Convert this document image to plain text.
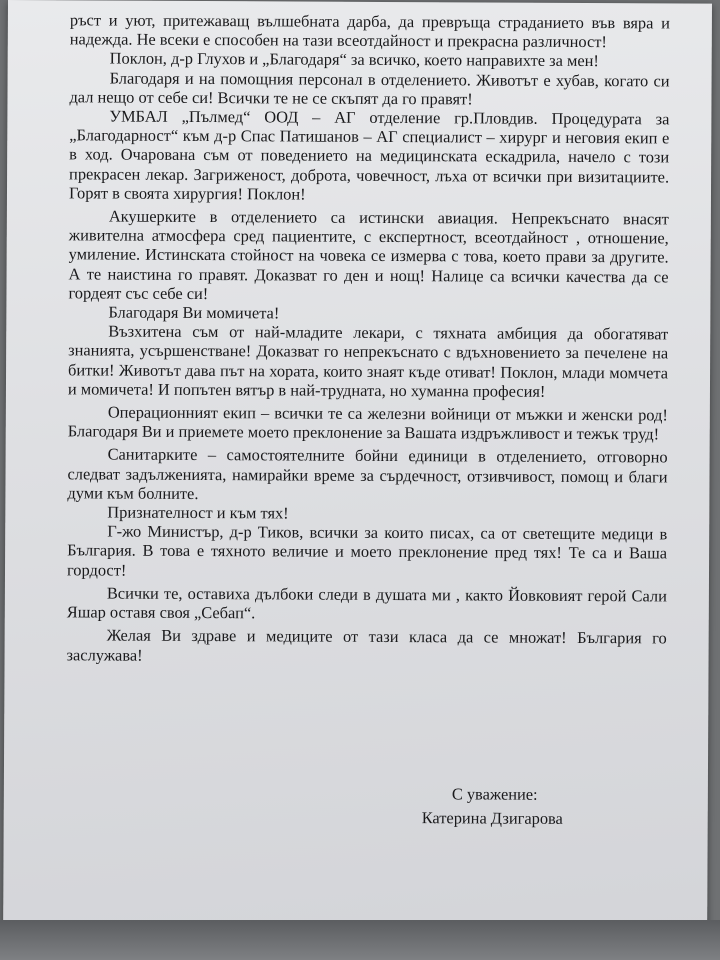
ръст и уют, притежаващ вълшебната дарба, да превръща страданието във вяра и надежда. Не всеки е способен на тази всеотдайност и прекрасна различност!

Поклон, д-р Глухов и „Благодаря“ за всичко, което направихте за мен!

Благодаря и на помощния персонал в отделението. Животът е хубав, когато си дал нещо от себе си! Всички те не се скъпят да го правят!

УМБАЛ „Пълмед“ ООД – АГ отделение гр.Пловдив. Процедурата за „Благодарност“ към д-р Спас Патишанов – АГ специалист – хирург и неговия екип е в ход. Очарована съм от поведението на медицинската ескадрила, начело с този прекрасен лекар. Загриженост, доброта, човечност, лъха от всички при визитациите. Горят в своята хирургия! Поклон!

Акушерките в отделението са истински авиация. Непрекъснато внасят живителна атмосфера сред пациентите, с експертност, всеотдайност , отношение, умиление. Истинската стойност на човека се измерва с това, което прави за другите. А те наистина го правят. Доказват го ден и нощ! Налице са всички качества да се гордеят със себе си!

Благодаря Ви момичета!

Възхитена съм от най-младите лекари, с тяхната амбиция да обогатяват знанията, усършенстване! Доказват го непрекъснато с вдъхновението за печелене на битки! Животът дава път на хората, които знаят къде отиват! Поклон, млади момчета и момичета! И попътен вятър в най-трудната, но хуманна професия!

Операционният екип – всички те са железни войници от мъжки и женски род! Благодаря Ви и приемете моето преклонение за Вашата издръжливост и тежък труд!

Санитарките – самостоятелните бойни единици в отделението, отговорно следват задълженията, намирайки време за сърдечност, отзивчивост, помощ и благи думи към болните.

Признателност и към тях!

Г-жо Министър, д-р Тиков, всички за които писах, са от светещите медици в България. В това е тяхното величие и моето преклонение пред тях! Те са и Ваша гордост!

Всички те, оставиха дълбоки следи в душата ми , както Йовковият герой Сали Яшар оставя своя „Себап“.

Желая Ви здраве и медиците от тази класа да се множат! България го заслужава!

С уважение:
Катерина Дзигарова
